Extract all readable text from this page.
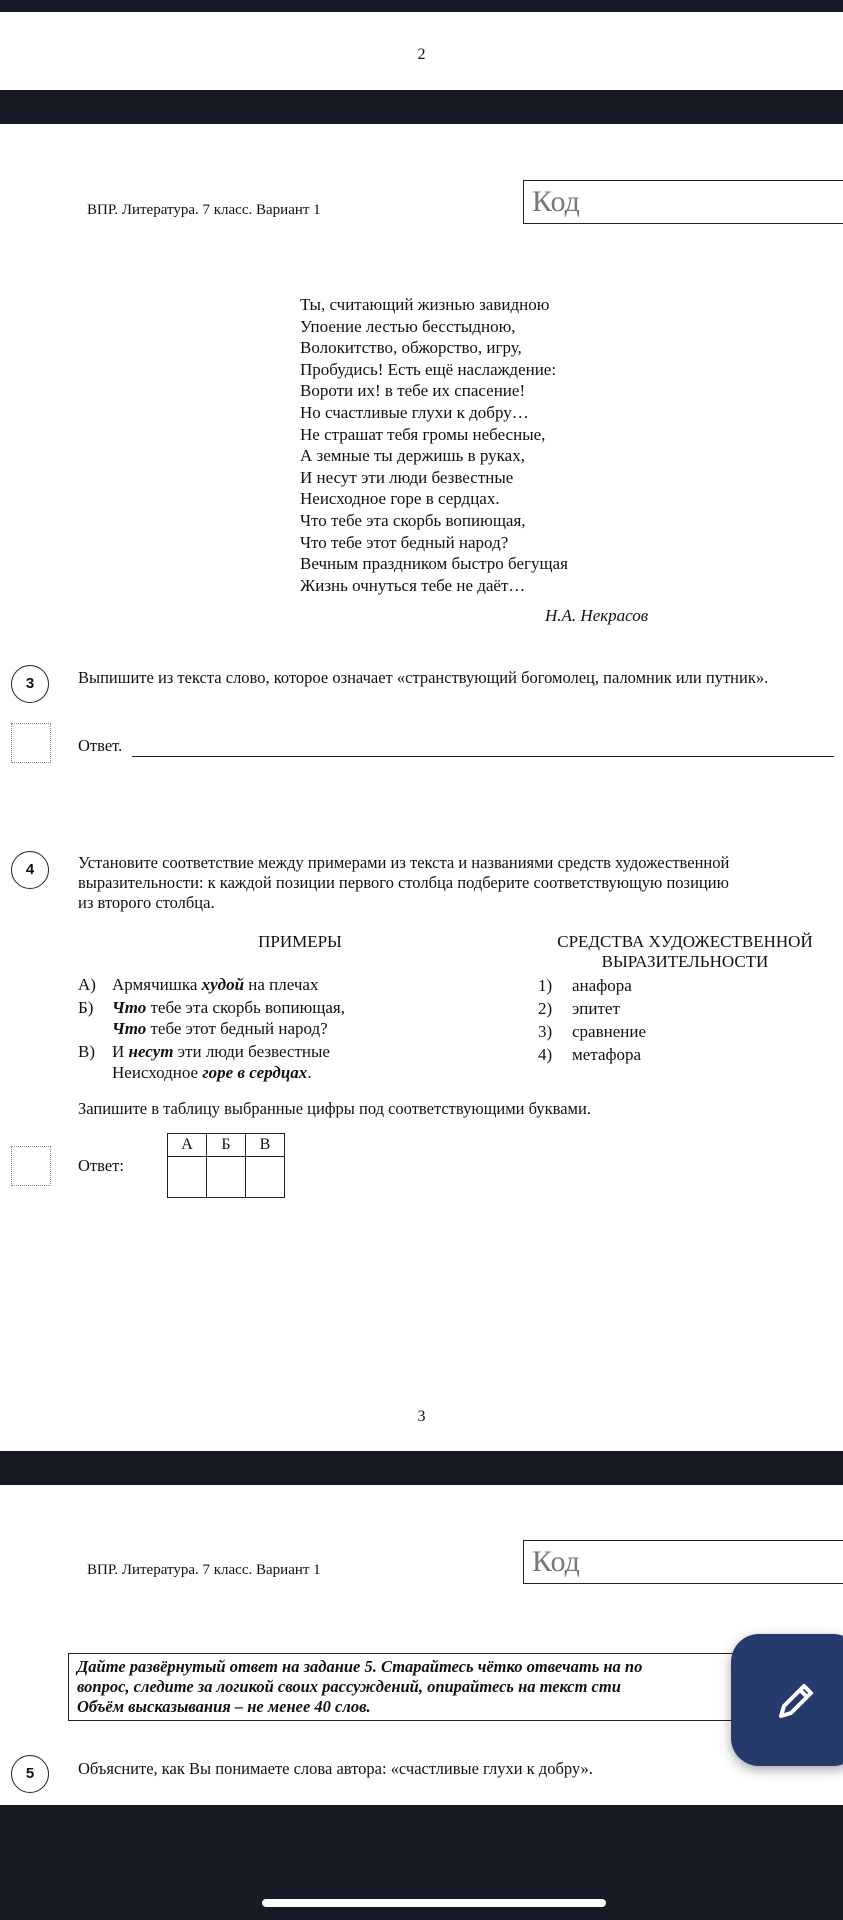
2
ВПР. Литература. 7 класс. Вариант 1	Код
Ты, считающий жизнью завидною
Упоение лестью бесстыдною,
Волокитство, обжорство, игру,
Пробудись! Есть ещё наслаждение:
Вороти их! в тебе их спасение!
Но счастливые глухи к добру…
Не страшат тебя громы небесные,
А земные ты держишь в руках,
И несут эти люди безвестные
Неисходное горе в сердцах.
Что тебе эта скорбь вопиющая,
Что тебе этот бедный народ?
Вечным праздником быстро бегущая
Жизнь очнуться тебе не даёт…
Н.А. Некрасов
3	Выпишите из текста слово, которое означает «странствующий богомолец, паломник или путник».
Ответ.
4	Установите соответствие между примерами из текста и названиями средств художественной
выразительности: к каждой позиции первого столбца подберите соответствующую позицию
из второго столбца.
ПРИМЕРЫ	СРЕДСТВА ХУДОЖЕСТВЕННОЙ
ВЫРАЗИТЕЛЬНОСТИ
А) Армячишка худой на плечах
Б) Что тебе эта скорбь вопиющая,
Что тебе этот бедный народ?
В) И несут эти люди безвестные
Неисходное горе в сердцах.
1) анафора
2) эпитет
3) сравнение
4) метафора
Запишите в таблицу выбранные цифры под соответствующими буквами.
Ответ:
А	Б	В

3
ВПР. Литература. 7 класс. Вариант 1	Код
Дайте развёрнутый ответ на задание 5. Старайтесь чётко отвечать на по
вопрос, следите за логикой своих рассуждений, опирайтесь на текст сти
Объём высказывания – не менее 40 слов.
5	Объясните, как Вы понимаете слова автора: «счастливые глухи к добру».
